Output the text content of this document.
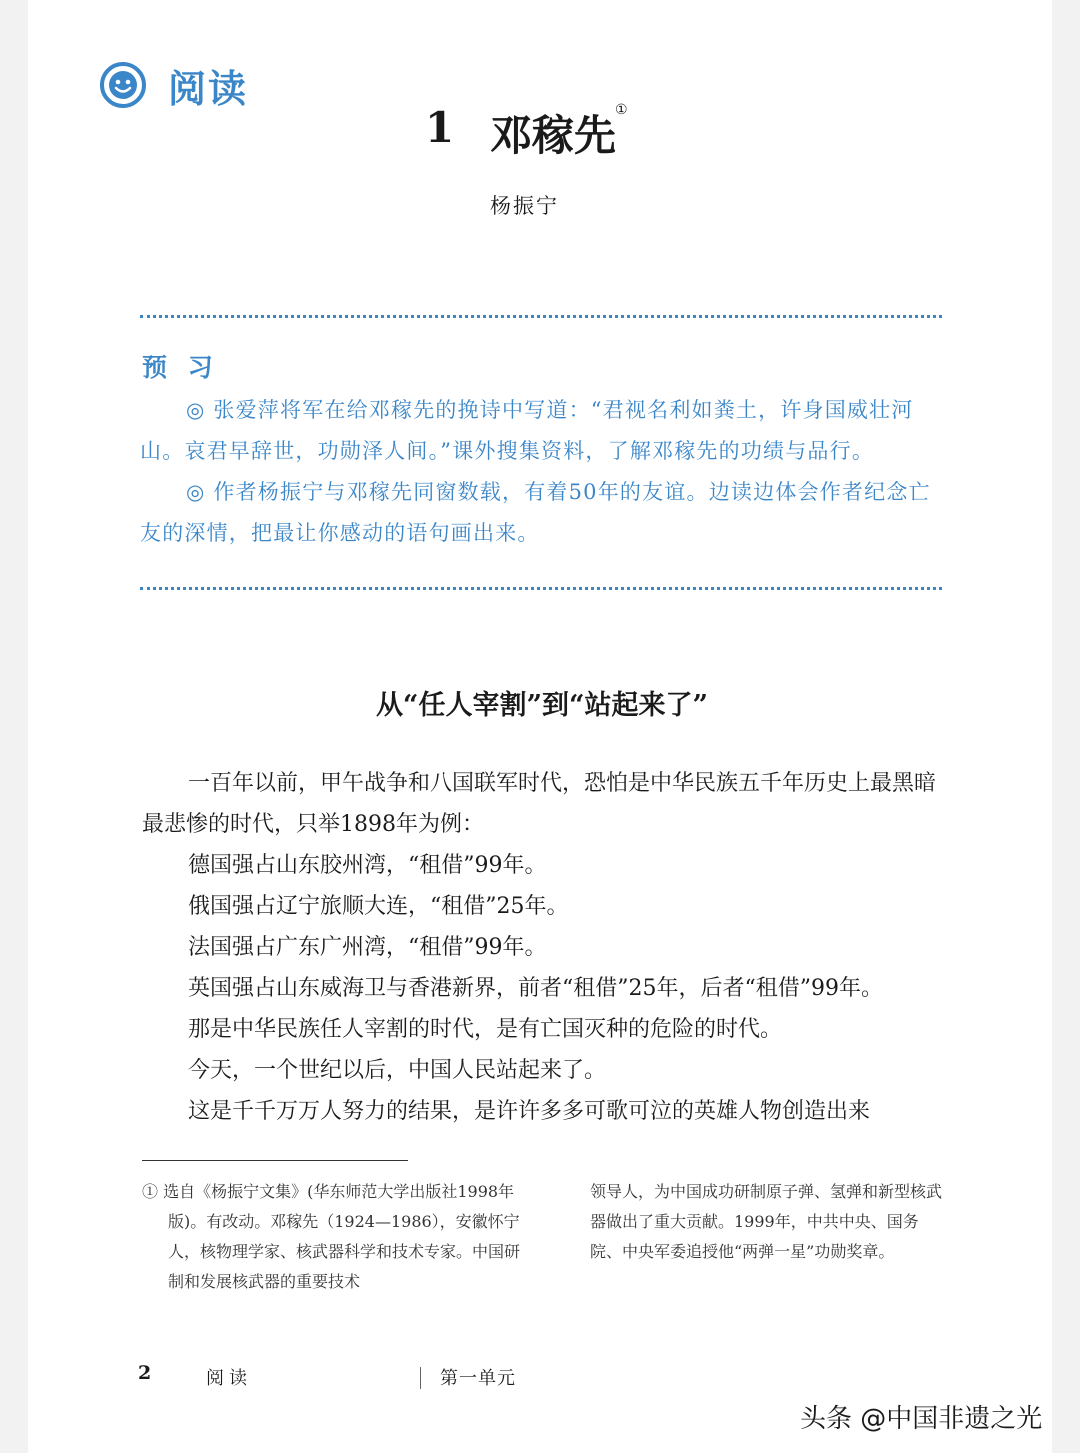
阅读
1 邓稼先
①
杨振宁
预 习

◎ 张爱萍将军在给邓稼先的挽诗中写道：“君视名利如粪土，许身国威壮河山。哀君早辞世，功勋泽人间。”课外搜集资料，了解邓稼先的功绩与品行。

◎ 作者杨振宁与邓稼先同窗数载，有着50年的友谊。边读边体会作者纪念亡友的深情，把最让你感动的语句画出来。

从“任人宰割”到“站起来了”

一百年以前，甲午战争和八国联军时代，恐怕是中华民族五千年历史上最黑暗最悲惨的时代，只举1898年为例：

德国强占山东胶州湾，“租借”99年。

俄国强占辽宁旅顺大连，“租借”25年。

法国强占广东广州湾，“租借”99年。

英国强占山东威海卫与香港新界，前者“租借”25年，后者“租借”99年。

那是中华民族任人宰割的时代，是有亡国灭种的危险的时代。

今天，一个世纪以后，中国人民站起来了。

这是千千万万人努力的结果，是许许多多可歌可泣的英雄人物创造出来

① 选自《杨振宁文集》(华东师范大学出版社1998年版)。有改动。邓稼先（1924—1986），安徽怀宁人，核物理学家、核武器科学和技术专家。中国研制和发展核武器的重要技术

领导人，为中国成功研制原子弹、氢弹和新型核武器做出了重大贡献。1999年，中共中央、国务院、中央军委追授他“两弹一星”功勋奖章。

2	阅读	第一单元
头条 @中国非遗之光
